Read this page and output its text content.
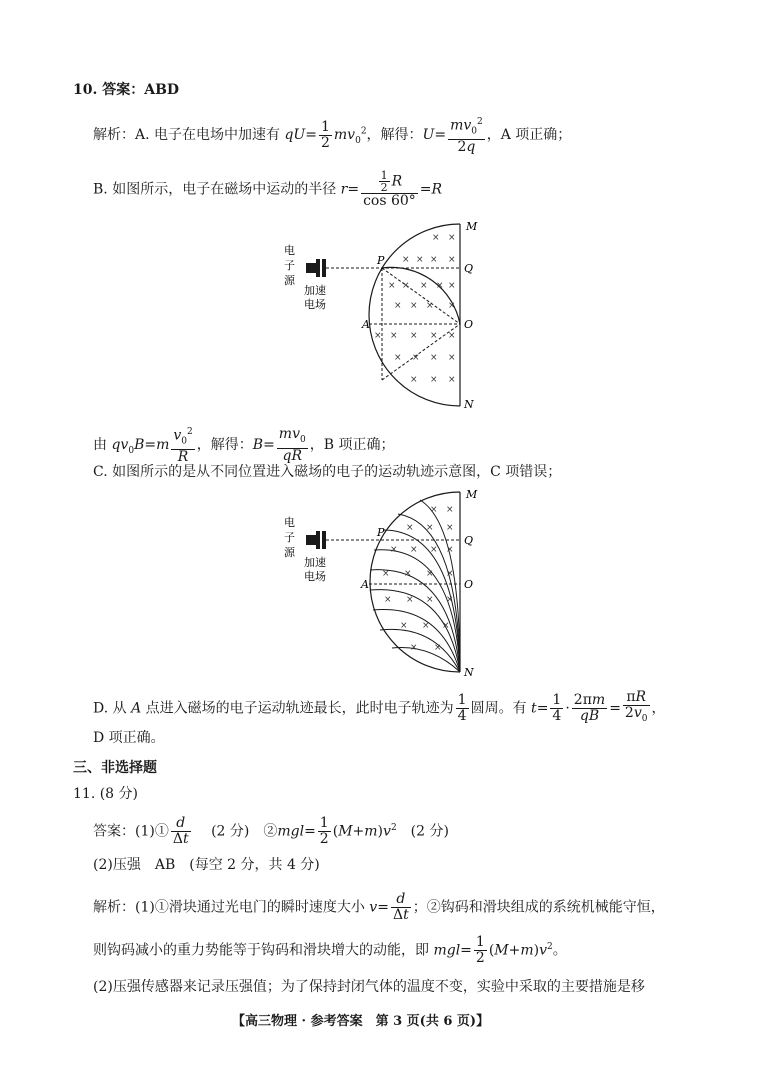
10. 答案：ABD
解析：A. 电子在电场中加速有 $qU= \frac{1}{2} mv_0^2$，解得：$U= \frac{mv_0^2}{2q}$ ，A 项正确；
B. 如图所示，电子在磁场中运动的半径 $r= \frac{\frac{1}{2} R}{\cos 60^\circ} =R$
电
子
源
加速
电场
× ×
× × × ×
× × × × ×
× × × ×
× × × × ×
× × × ×
× × ×
M
Q
P
A	O
N
由 $qv_0B=m \frac{v_0^2}{R}$ ，解得：$B= \frac{mv_0}{qR}$ ，B 项正确；
C. 如图所示的是从不同位置进入磁场的电子的运动轨迹示意图，C 项错误；
电
子
源
加速
电场
× ×
× × ×
× × × ×
× × × ×
× × × ×
× × ×
× ×
M
Q
P
A	O
N
D. 从 A 点进入磁场的电子运动轨迹最长，此时电子轨迹为 $\frac{1}{4}$ 圆周。有 $t= \frac{1}{4} \cdot \frac{2\pi m}{qB} = \frac{\pi R}{2v_0}$ ，
D 项正确。
三、非选择题
11. (8 分)
答案：(1)① $\frac{d}{\Delta t}$
　 (2 分)　 ②mgl= $\frac{1}{2} (M+m)v^2$　 (2 分)
(2)压强　AB　(每空 2 分，共 4 分)
解析：(1)①滑块通过光电门的瞬时速度大小 $v= \frac{d}{\Delta t}$ ；②钩码和滑块组成的系统机械能守恒，
则钩码减小的重力势能等于钩码和滑块增大的动能，即 $mgl= \frac{1}{2} (M+m)v^2$。
(2)压强传感器来记录压强值；为了保持封闭气体的温度不变，实验中采取的主要措施是移
【高三物理 · 参考答案　第 3 页(共 6 页)】
